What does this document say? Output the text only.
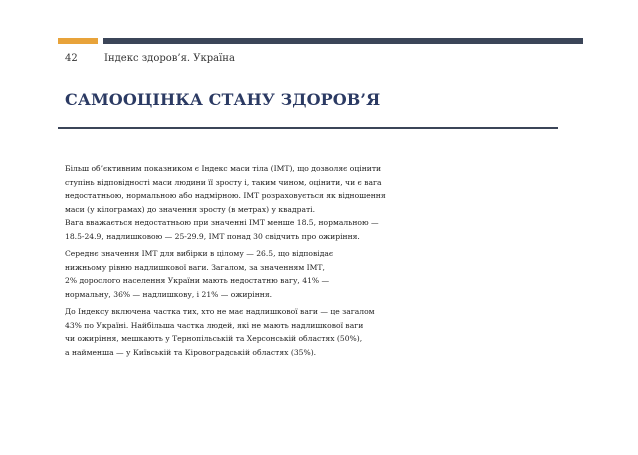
42	Індекс здоров’я. Україна
САМООЦІНКА СТАНУ ЗДОРОВ’Я

Більш об’єктивним показником є Індекс маси тіла (ІМТ), що дозволяє оцінити
ступінь відповідності маси людини її зросту і, таким чином, оцінити, чи є вага
недостатньою, нормальною або надмірною. ІМТ розраховується як відношення
маси (у кілограмах) до значення зросту (в метрах) у квадраті.
Вага вважається недостатньою при значенні ІМТ менше 18.5, нормальною —
18.5-24.9, надлишковою — 25-29.9, ІМТ понад 30 свідчить про ожиріння.

Середнє значення ІМТ для вибірки в цілому — 26.5, що відповідає
нижньому рівню надлишкової ваги. Загалом, за значенням ІМТ,
2% дорослого населення України мають недостатню вагу, 41% —
нормальну, 36% — надлишкову, і 21% — ожиріння.

До Індексу включена частка тих, хто не має надлишкової ваги — це загалом
43% по Україні. Найбільша частка людей, які не мають надлишкової ваги
чи ожиріння, мешкають у Тернопільській та Херсонській областях (50%),
а найменша — у Київській та Кіровоградській областях (35%).
